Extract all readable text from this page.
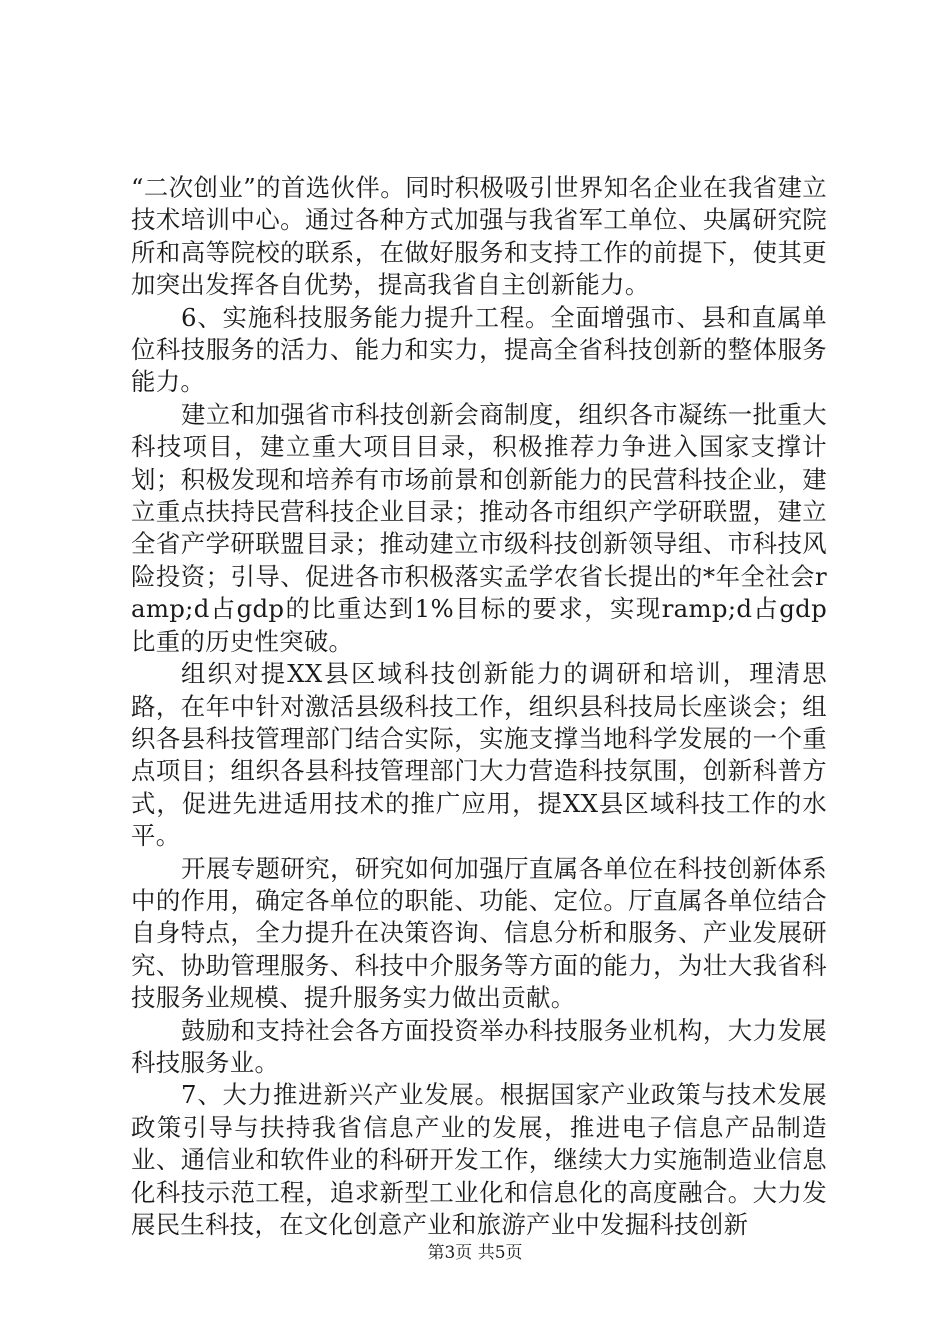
“二次创业”的首选伙伴。同时积极吸引世界知名企业在我省建立技术培训中心。通过各种方式加强与我省军工单位、央属研究院所和高等院校的联系，在做好服务和支持工作的前提下，使其更加突出发挥各自优势，提高我省自主创新能力。

6、实施科技服务能力提升工程。全面增强市、县和直属单位科技服务的活力、能力和实力，提高全省科技创新的整体服务能力。

建立和加强省市科技创新会商制度，组织各市凝练一批重大科技项目，建立重大项目目录，积极推荐力争进入国家支撑计划；积极发现和培养有市场前景和创新能力的民营科技企业，建立重点扶持民营科技企业目录；推动各市组织产学研联盟，建立全省产学研联盟目录；推动建立市级科技创新领导组、市科技风险投资；引导、促进各市积极落实孟学农省长提出的*年全社会ramp;d占gdp的比重达到1%目标的要求，实现ramp;d占gdp比重的历史性突破。

组织对提XX县区域科技创新能力的调研和培训，理清思路，在年中针对激活县级科技工作，组织县科技局长座谈会；组织各县科技管理部门结合实际，实施支撑当地科学发展的一个重点项目；组织各县科技管理部门大力营造科技氛围，创新科普方式，促进先进适用技术的推广应用，提XX县区域科技工作的水平。

开展专题研究，研究如何加强厅直属各单位在科技创新体系中的作用，确定各单位的职能、功能、定位。厅直属各单位结合自身特点，全力提升在决策咨询、信息分析和服务、产业发展研究、协助管理服务、科技中介服务等方面的能力，为壮大我省科技服务业规模、提升服务实力做出贡献。

鼓励和支持社会各方面投资举办科技服务业机构，大力发展科技服务业。

7、大力推进新兴产业发展。根据国家产业政策与技术发展政策引导与扶持我省信息产业的发展，推进电子信息产品制造业、通信业和软件业的科研开发工作，继续大力实施制造业信息化科技示范工程，追求新型工业化和信息化的高度融合。大力发展民生科技，在文化创意产业和旅游产业中发掘科技创新

第3页 共5页
